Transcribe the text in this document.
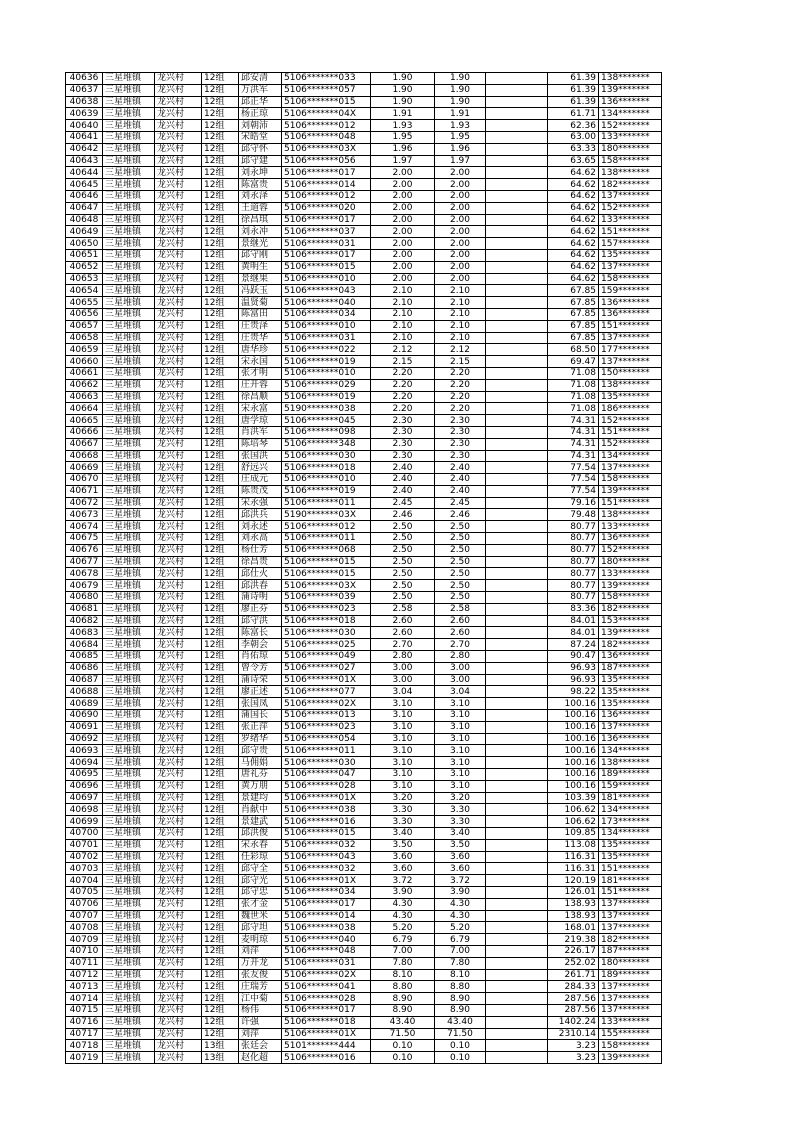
40636	三星堆镇	龙兴村	12组	邱安清	5106*******033	1.90	1.90		61.39	138*******
40637	三星堆镇	龙兴村	12组	万洪军	5106*******057	1.90	1.90		61.39	139*******
40638	三星堆镇	龙兴村	12组	邱正华	5106*******015	1.90	1.90		61.39	136*******
40639	三星堆镇	龙兴村	12组	杨正琼	5106*******04X	1.91	1.91		61.71	134*******
40640	三星堆镇	龙兴村	12组	刘朝沛	5106*******012	1.93	1.93		62.36	152*******
40641	三星堆镇	龙兴村	12组	宋皓堂	5106*******048	1.95	1.95		63.00	133*******
40642	三星堆镇	龙兴村	12组	邱守怀	5106*******03X	1.96	1.96		63.33	180*******
40643	三星堆镇	龙兴村	12组	邱守建	5106*******056	1.97	1.97		63.65	158*******
40644	三星堆镇	龙兴村	12组	刘永坤	5106*******017	2.00	2.00		64.62	138*******
40645	三星堆镇	龙兴村	12组	陈富贵	5106*******014	2.00	2.00		64.62	182*******
40646	三星堆镇	龙兴村	12组	刘永泽	5106*******012	2.00	2.00		64.62	137*******
40647	三星堆镇	龙兴村	12组	王道蓉	5106*******020	2.00	2.00		64.62	152*******
40648	三星堆镇	龙兴村	12组	徐昌琪	5106*******017	2.00	2.00		64.62	133*******
40649	三星堆镇	龙兴村	12组	刘永冲	5106*******037	2.00	2.00		64.62	151*******
40650	三星堆镇	龙兴村	12组	景继光	5106*******031	2.00	2.00		64.62	157*******
40651	三星堆镇	龙兴村	12组	邱守刚	5106*******017	2.00	2.00		64.62	135*******
40652	三星堆镇	龙兴村	12组	黄明生	5106*******015	2.00	2.00		64.62	137*******
40653	三星堆镇	龙兴村	12组	景继果	5106*******010	2.00	2.00		64.62	158*******
40654	三星堆镇	龙兴村	12组	冯跃玉	5106*******043	2.10	2.10		67.85	159*******
40655	三星堆镇	龙兴村	12组	温贤菊	5106*******040	2.10	2.10		67.85	136*******
40656	三星堆镇	龙兴村	12组	陈富田	5106*******034	2.10	2.10		67.85	136*******
40657	三星堆镇	龙兴村	12组	庄贵泽	5106*******010	2.10	2.10		67.85	151*******
40658	三星堆镇	龙兴村	12组	庄贵华	5106*******031	2.10	2.10		67.85	137*******
40659	三星堆镇	龙兴村	12组	唐华珍	5106*******022	2.12	2.12		68.50	177*******
40660	三星堆镇	龙兴村	12组	宋永国	5106*******019	2.15	2.15		69.47	137*******
40661	三星堆镇	龙兴村	12组	张才明	5106*******010	2.20	2.20		71.08	150*******
40662	三星堆镇	龙兴村	12组	庄开蓉	5106*******029	2.20	2.20		71.08	138*******
40663	三星堆镇	龙兴村	12组	徐昌顺	5106*******019	2.20	2.20		71.08	135*******
40664	三星堆镇	龙兴村	12组	宋永富	5190*******038	2.20	2.20		71.08	186*******
40665	三星堆镇	龙兴村	12组	唐学琼	5106*******045	2.30	2.30		74.31	152*******
40666	三星堆镇	龙兴村	12组	肖洪军	5106*******098	2.30	2.30		74.31	151*******
40667	三星堆镇	龙兴村	12组	陈培琴	5106*******348	2.30	2.30		74.31	152*******
40668	三星堆镇	龙兴村	12组	张国洪	5106*******030	2.30	2.30		74.31	134*******
40669	三星堆镇	龙兴村	12组	舒远兴	5106*******018	2.40	2.40		77.54	137*******
40670	三星堆镇	龙兴村	12组	庄成元	5106*******010	2.40	2.40		77.54	158*******
40671	三星堆镇	龙兴村	12组	陈贵茂	5106*******019	2.40	2.40		77.54	139*******
40672	三星堆镇	龙兴村	12组	宋永强	5106*******011	2.45	2.45		79.16	151*******
40673	三星堆镇	龙兴村	12组	邱洪兵	5190*******03X	2.46	2.46		79.48	138*******
40674	三星堆镇	龙兴村	12组	刘永述	5106*******012	2.50	2.50		80.77	133*******
40675	三星堆镇	龙兴村	12组	刘永高	5106*******011	2.50	2.50		80.77	136*******
40676	三星堆镇	龙兴村	12组	杨仕芳	5106*******068	2.50	2.50		80.77	152*******
40677	三星堆镇	龙兴村	12组	徐昌贵	5106*******015	2.50	2.50		80.77	180*******
40678	三星堆镇	龙兴村	12组	邱仕火	5106*******015	2.50	2.50		80.77	133*******
40679	三星堆镇	龙兴村	12组	邱洪春	5106*******03X	2.50	2.50		80.77	139*******
40680	三星堆镇	龙兴村	12组	蒲诗明	5106*******039	2.50	2.50		80.77	158*******
40681	三星堆镇	龙兴村	12组	廖正芬	5106*******023	2.58	2.58		83.36	182*******
40682	三星堆镇	龙兴村	12组	邱守洪	5106*******018	2.60	2.60		84.01	153*******
40683	三星堆镇	龙兴村	12组	陈富长	5106*******030	2.60	2.60		84.01	139*******
40684	三星堆镇	龙兴村	12组	李朝会	5106*******025	2.70	2.70		87.24	182*******
40685	三星堆镇	龙兴村	12组	肖佑琼	5106*******049	2.80	2.80		90.47	136*******
40686	三星堆镇	龙兴村	12组	曾令芳	5106*******027	3.00	3.00		96.93	187*******
40687	三星堆镇	龙兴村	12组	蒲诗荣	5106*******01X	3.00	3.00		96.93	135*******
40688	三星堆镇	龙兴村	12组	廖正述	5106*******077	3.04	3.04		98.22	135*******
40689	三星堆镇	龙兴村	12组	张国凤	5106*******02X	3.10	3.10		100.16	135*******
40690	三星堆镇	龙兴村	12组	蒲国长	5106*******013	3.10	3.10		100.16	136*******
40691	三星堆镇	龙兴村	12组	张正萍	5106*******023	3.10	3.10		100.16	137*******
40692	三星堆镇	龙兴村	12组	罗绪华	5106*******054	3.10	3.10		100.16	136*******
40693	三星堆镇	龙兴村	12组	邱守贵	5106*******011	3.10	3.10		100.16	134*******
40694	三星堆镇	龙兴村	12组	马佣娟	5106*******030	3.10	3.10		100.16	138*******
40695	三星堆镇	龙兴村	12组	唐礼芬	5106*******047	3.10	3.10		100.16	189*******
40696	三星堆镇	龙兴村	12组	黄万朋	5106*******028	3.10	3.10		100.16	159*******
40697	三星堆镇	龙兴村	12组	景建均	5106*******01X	3.20	3.20		103.39	181*******
40698	三星堆镇	龙兴村	12组	肖献中	5106*******038	3.30	3.30		106.62	134*******
40699	三星堆镇	龙兴村	12组	景建武	5106*******016	3.30	3.30		106.62	173*******
40700	三星堆镇	龙兴村	12组	邱洪俊	5106*******015	3.40	3.40		109.85	134*******
40701	三星堆镇	龙兴村	12组	宋永春	5106*******032	3.50	3.50		113.08	135*******
40702	三星堆镇	龙兴村	12组	任彩琼	5106*******043	3.60	3.60		116.31	135*******
40703	三星堆镇	龙兴村	12组	邱守全	5106*******032	3.60	3.60		116.31	151*******
40704	三星堆镇	龙兴村	12组	邱守光	5106*******01X	3.72	3.72		120.19	181*******
40705	三星堆镇	龙兴村	12组	邱守忠	5106*******034	3.90	3.90		126.01	151*******
40706	三星堆镇	龙兴村	12组	张才金	5106*******017	4.30	4.30		138.93	137*******
40707	三星堆镇	龙兴村	12组	魏世米	5106*******014	4.30	4.30		138.93	137*******
40708	三星堆镇	龙兴村	12组	邱守坦	5106*******038	5.20	5.20		168.01	137*******
40709	三星堆镇	龙兴村	12组	麦明琼	5106*******040	6.79	6.79		219.38	182*******
40710	三星堆镇	龙兴村	12组	刘萍	5106*******048	7.00	7.00		226.17	187*******
40711	三星堆镇	龙兴村	12组	万开龙	5106*******031	7.80	7.80		252.02	180*******
40712	三星堆镇	龙兴村	12组	张友俊	5106*******02X	8.10	8.10		261.71	189*******
40713	三星堆镇	龙兴村	12组	庄瑞芳	5106*******041	8.80	8.80		284.33	137*******
40714	三星堆镇	龙兴村	12组	江中菊	5106*******028	8.90	8.90		287.56	137*******
40715	三星堆镇	龙兴村	12组	杨伟	5106*******017	8.90	8.90		287.56	137*******
40716	三星堆镇	龙兴村	12组	许强	5106*******018	43.40	43.40		1402.24	133*******
40717	三星堆镇	龙兴村	12组	刘萍	5106*******01X	71.50	71.50		2310.14	155*******
40718	三星堆镇	龙兴村	13组	张廷会	5101*******444	0.10	0.10		3.23	158*******
40719	三星堆镇	龙兴村	13组	赵化超	5106*******016	0.10	0.10		3.23	139*******
